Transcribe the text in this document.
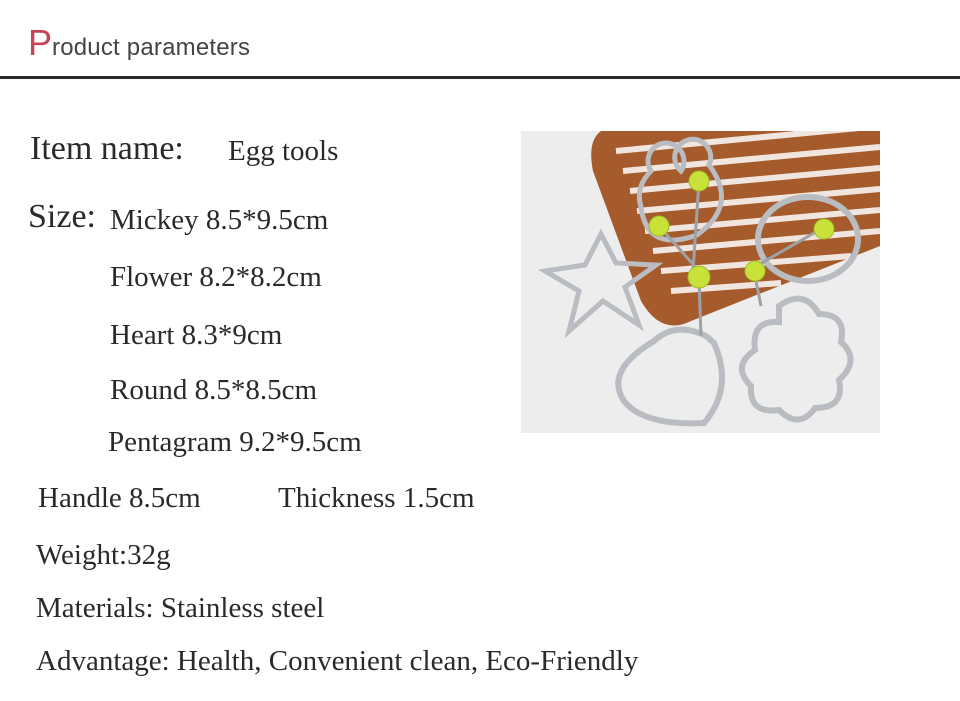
Product parameters
Item name: Egg tools
Size: Mickey 8.5*9.5cm
Flower 8.2*8.2cm
Heart 8.3*9cm
Round 8.5*8.5cm
Pentagram 9.2*9.5cm
Handle 8.5cm	Thickness 1.5cm
Weight:32g
Materials: Stainless steel
Advantage: Health, Convenient clean, Eco-Friendly
